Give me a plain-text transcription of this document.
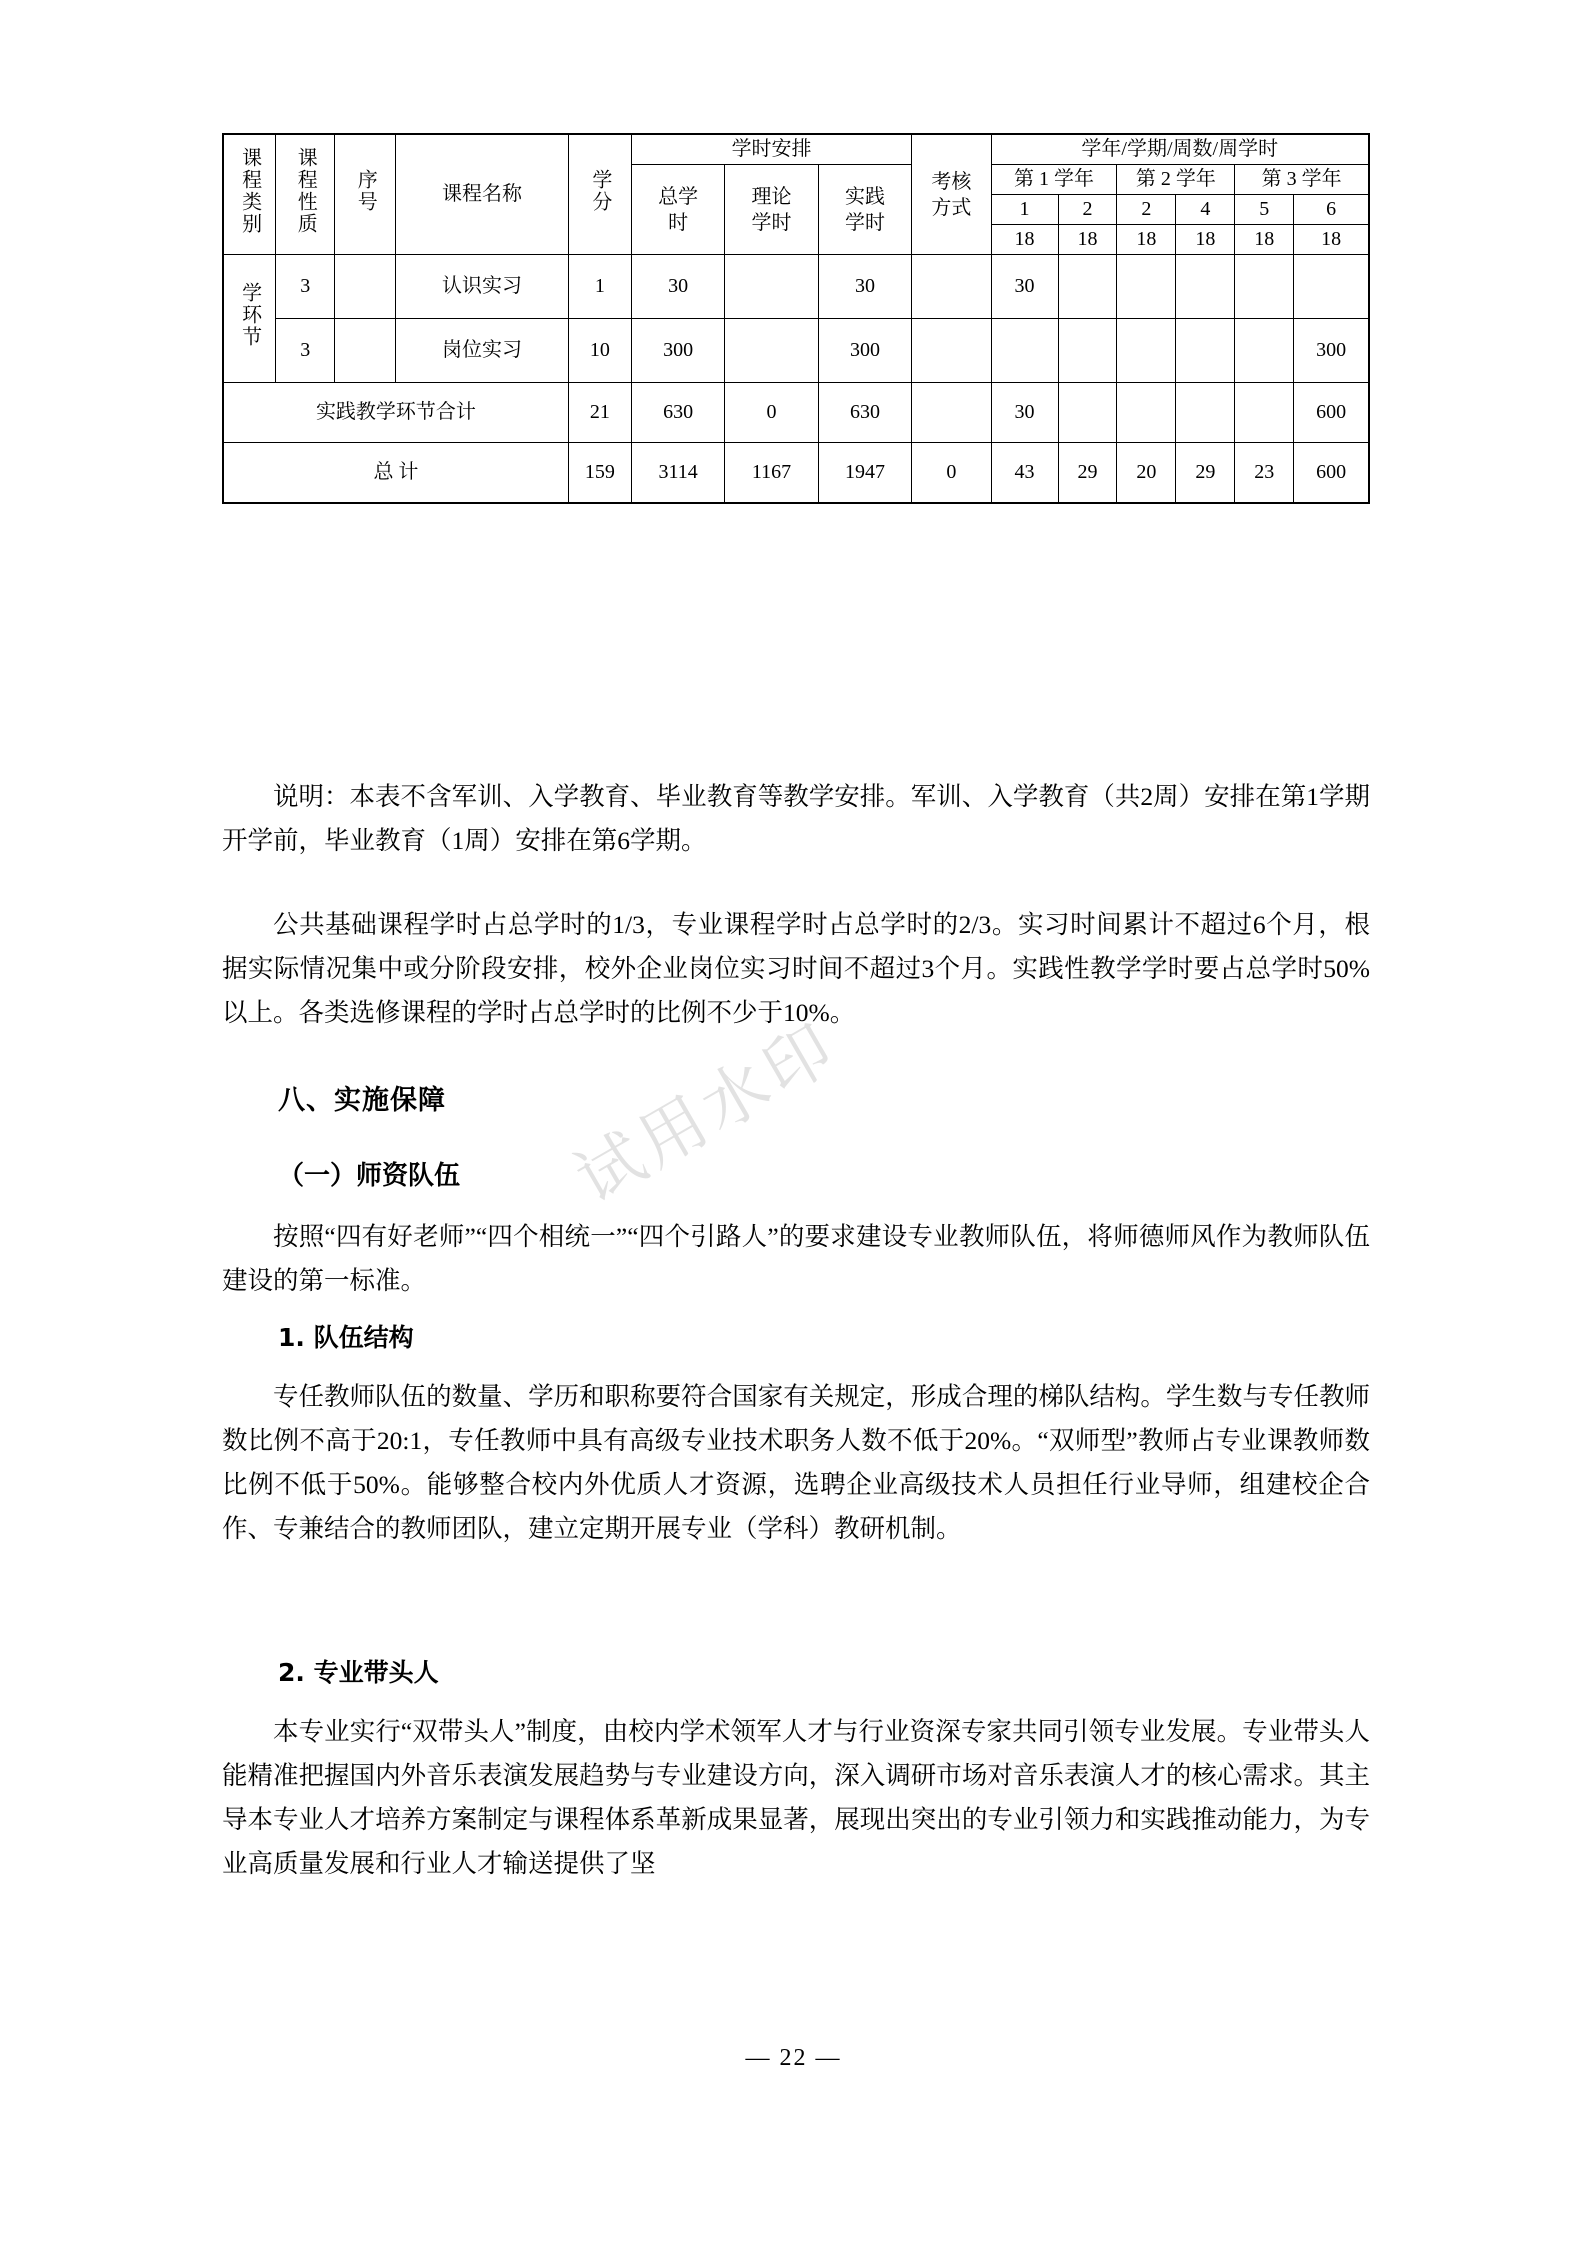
试用水印
课程类别	课程性质	序号	课程名称	学分	学时安排			考核方式	学年/学期/周数/周学时					
					总学时	理论学时	实践学时		第 1 学年		第 2 学年		第 3 学年	
									1	2	2	4	5	6
									18	18	18	18	18	18
学环节	3		认识实习	1	30		30		30					
	3		岗位实习	10	300		300							300
实践教学环节合计				21	630	0	630		30					600
总 计				159	3114	1167	1947	0	43	29	20	29	23	600
说明：本表不含军训、入学教育、毕业教育等教学安排。军训、入学教育（共2周）安排在第1学期开学前，毕业教育（1周）安排在第6学期。
公共基础课程学时占总学时的1/3，专业课程学时占总学时的2/3。实习时间累计不超过6个月，根据实际情况集中或分阶段安排，校外企业岗位实习时间不超过3个月。实践性教学学时要占总学时50%以上。各类选修课程的学时占总学时的比例不少于10%。
八、实施保障
（一）师资队伍
按照“四有好老师”“四个相统一”“四个引路人”的要求建设专业教师队伍，将师德师风作为教师队伍建设的第一标准。
1. 队伍结构
专任教师队伍的数量、学历和职称要符合国家有关规定，形成合理的梯队结构。学生数与专任教师数比例不高于20:1，专任教师中具有高级专业技术职务人数不低于20%。“双师型”教师占专业课教师数比例不低于50%。能够整合校内外优质人才资源，选聘企业高级技术人员担任行业导师，组建校企合作、专兼结合的教师团队，建立定期开展专业（学科）教研机制。
2. 专业带头人
本专业实行“双带头人”制度，由校内学术领军人才与行业资深专家共同引领专业发展。专业带头人能精准把握国内外音乐表演发展趋势与专业建设方向，深入调研市场对音乐表演人才的核心需求。其主导本专业人才培养方案制定与课程体系革新成果显著，展现出突出的专业引领力和实践推动能力，为专业高质量发展和行业人才输送提供了坚
— 22 —
